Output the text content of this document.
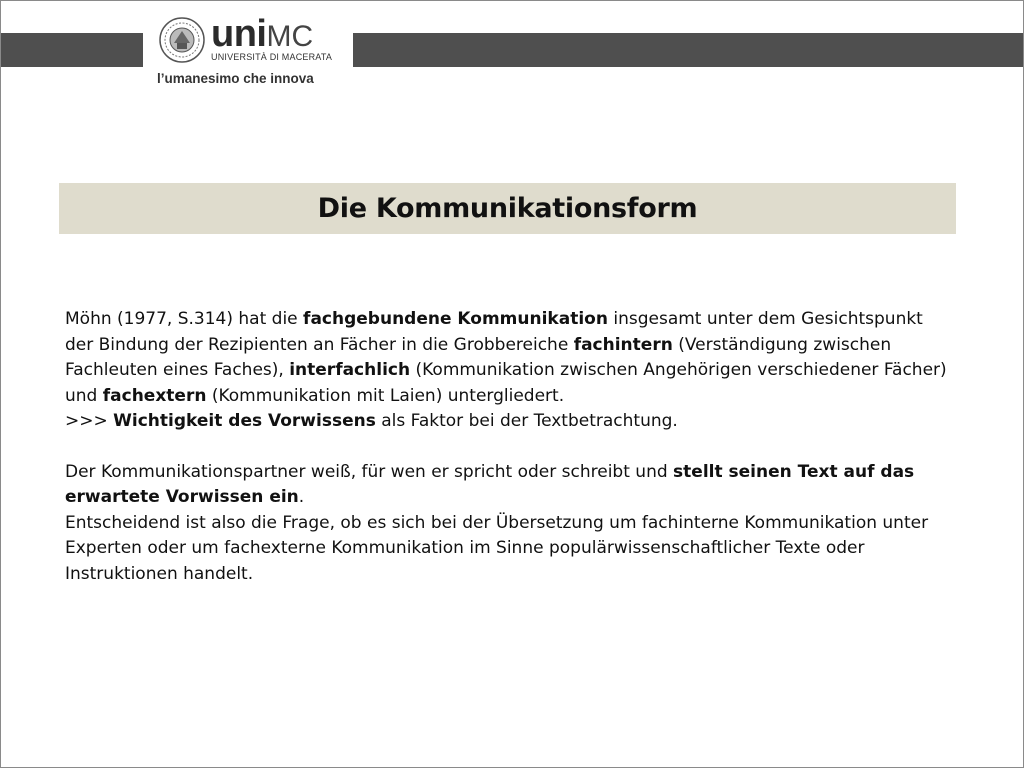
uniMC
UNIVERSITÀ DI MACERATA
l’umanesimo che innova
Die Kommunikationsform

Möhn (1977, S.314) hat die fachgebundene Kommunikation insgesamt unter dem Gesichtspunkt der Bindung der Rezipienten an Fächer in die Grobbereiche fachintern (Verständigung zwischen Fachleuten eines Faches), interfachlich (Kommunikation zwischen Angehörigen verschiedener Fächer) und fachextern (Kommunikation mit Laien) untergliedert.

>>> Wichtigkeit des Vorwissens als Faktor bei der Textbetrachtung.

Der Kommunikationspartner weiß, für wen er spricht oder schreibt und stellt seinen Text auf das erwartete Vorwissen ein.

Entscheidend ist also die Frage, ob es sich bei der Übersetzung um fachinterne Kommunikation unter Experten oder um fachexterne Kommunikation im Sinne populärwissenschaftlicher Texte oder Instruktionen handelt.
